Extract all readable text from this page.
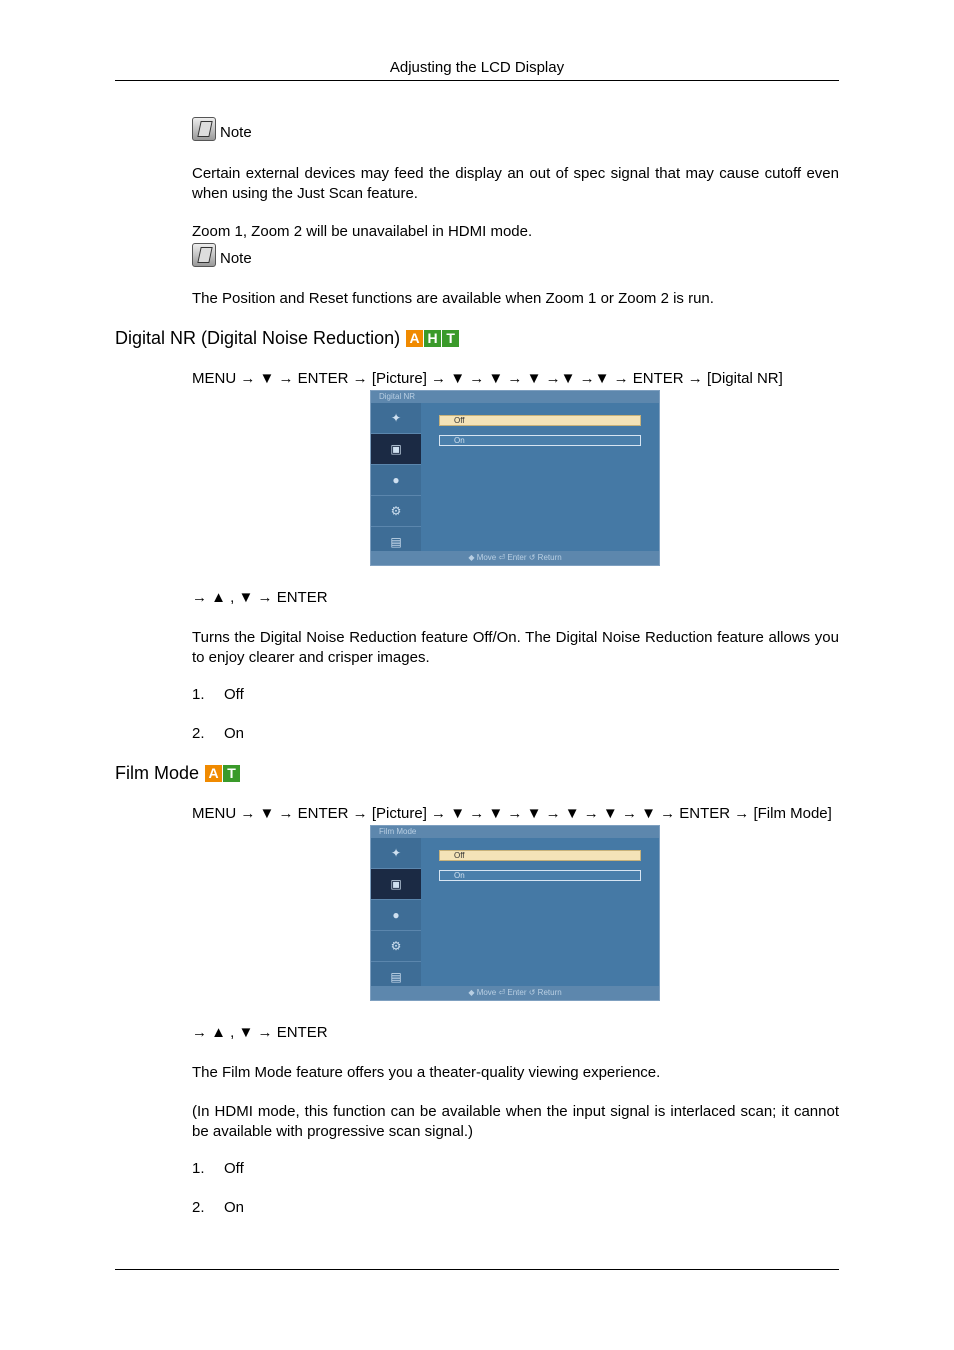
Adjusting the LCD Display
Note
Certain external devices may feed the display an out of spec signal that may cause cutoff even when using the Just Scan feature.
Zoom 1, Zoom 2 will be unavailabel in HDMI mode.
Note
The Position and Reset functions are available when Zoom 1 or Zoom 2 is run.
Digital NR (Digital Noise Reduction) A H T
MENU → ▼ → ENTER → [Picture] → ▼ → ▼ → ▼ →▼ →▼ → ENTER → [Digital NR]
Digital NR
✦
▣
●
⚙
▤
Off
On
◆ Move ⏎ Enter ↺ Return
→ ▲ , ▼ → ENTER
Turns the Digital Noise Reduction feature Off/On. The Digital Noise Reduction feature allows you to enjoy clearer and crisper images.
1. Off
2. On
Film Mode A T
MENU → ▼ → ENTER → [Picture] → ▼ → ▼ → ▼ → ▼ → ▼ → ▼ → ENTER → [Film Mode]
Film Mode
✦
▣
●
⚙
▤
Off
On
◆ Move ⏎ Enter ↺ Return
→ ▲ , ▼ → ENTER
The Film Mode feature offers you a theater-quality viewing experience.
(In HDMI mode, this function can be available when the input signal is interlaced scan; it cannot be available with progressive scan signal.)
1. Off
2. On
